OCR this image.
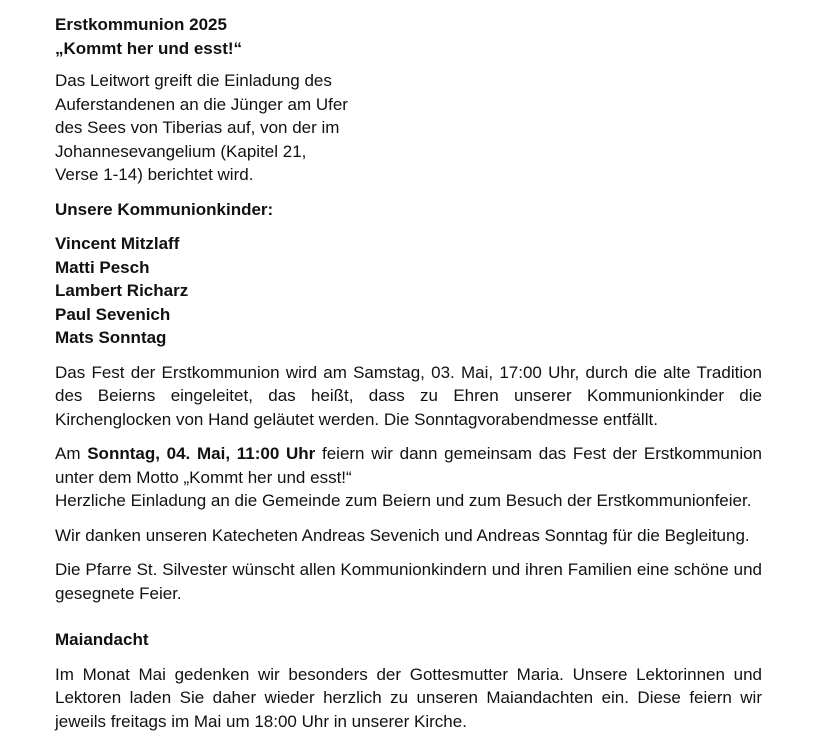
Erstkommunion 2025
„Kommt her und esst!“

Das Leitwort greift die Einladung des
Auferstandenen an die Jünger am Ufer
des Sees von Tiberias auf, von der im
Johannesevangelium (Kapitel 21,
Verse 1-14) berichtet wird.

Unsere Kommunionkinder:

Vincent Mitzlaff
Matti Pesch
Lambert Richarz
Paul Sevenich
Mats Sonntag

Das Fest der Erstkommunion wird am Samstag, 03. Mai, 17:00 Uhr, durch die alte Tradition des Beierns eingeleitet, das heißt, dass zu Ehren unserer Kommunionkinder die Kirchenglocken von Hand geläutet werden. Die Sonntagvorabendmesse entfällt.

Am Sonntag, 04. Mai, 11:00 Uhr feiern wir dann gemeinsam das Fest der Erstkommunion unter dem Motto „Kommt her und esst!“

Herzliche Einladung an die Gemeinde zum Beiern und zum Besuch der Erstkommunionfeier.

Wir danken unseren Katecheten Andreas Sevenich und Andreas Sonntag für die Begleitung.

Die Pfarre St. Silvester wünscht allen Kommunionkindern und ihren Familien eine schöne und gesegnete Feier.

Maiandacht

Im Monat Mai gedenken wir besonders der Gottesmutter Maria. Unsere Lektorinnen und Lektoren laden Sie daher wieder herzlich zu unseren Maiandachten ein. Diese feiern wir jeweils freitags im Mai um 18:00 Uhr in unserer Kirche.
